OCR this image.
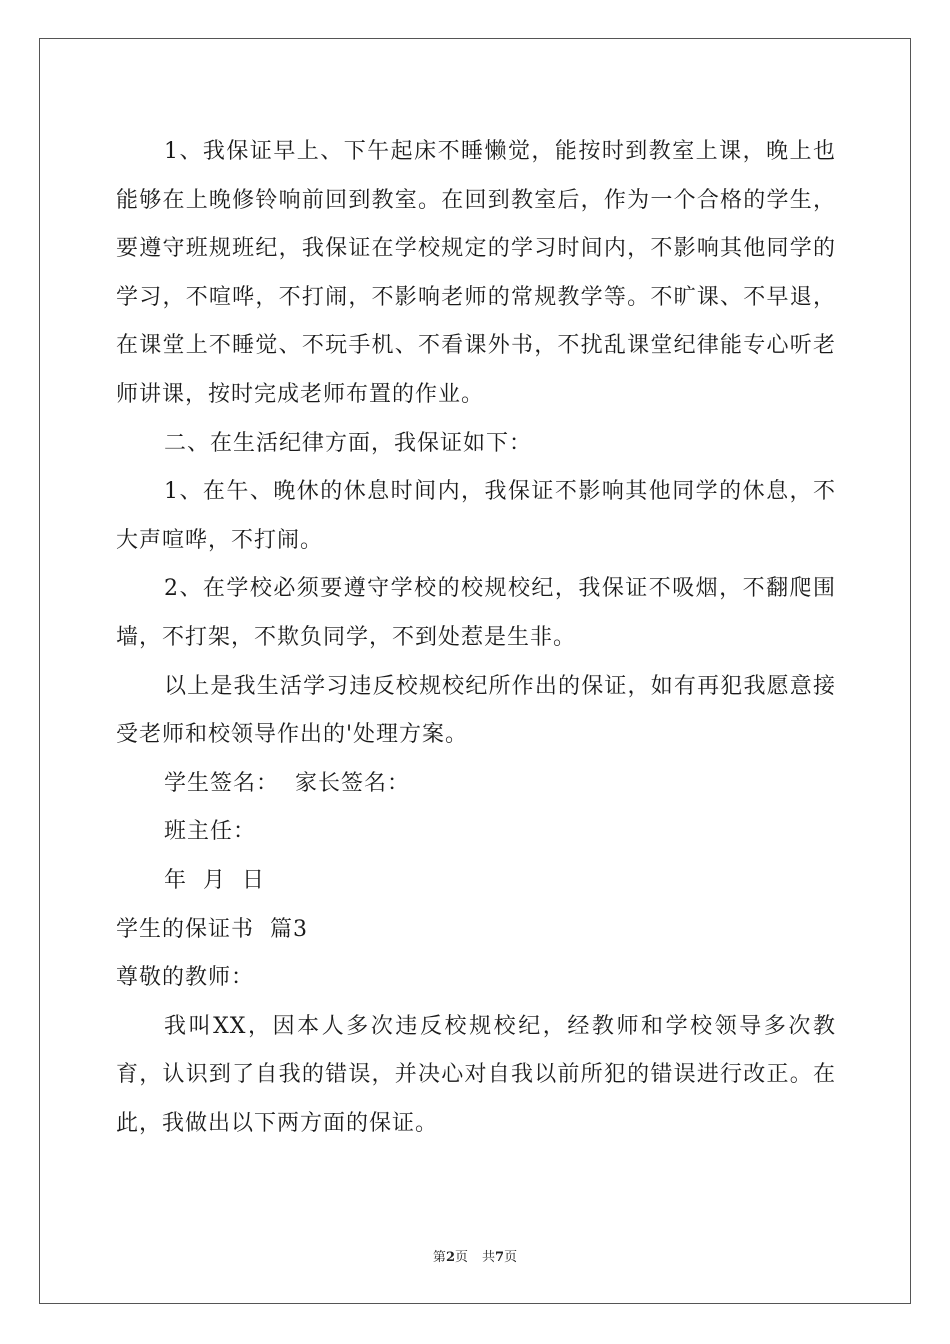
1、我保证早上、下午起床不睡懒觉，能按时到教室上课，晚上也能够在上晚修铃响前回到教室。在回到教室后，作为一个合格的学生，要遵守班规班纪，我保证在学校规定的学习时间内，不影响其他同学的学习，不喧哗，不打闹，不影响老师的常规教学等。不旷课、不早退，在课堂上不睡觉、不玩手机、不看课外书，不扰乱课堂纪律能专心听老师讲课，按时完成老师布置的作业。

二、在生活纪律方面，我保证如下：

1、在午、晚休的休息时间内，我保证不影响其他同学的休息，不大声喧哗，不打闹。

2、在学校必须要遵守学校的校规校纪，我保证不吸烟，不翻爬围墙，不打架，不欺负同学，不到处惹是生非。

以上是我生活学习违反校规校纪所作出的保证，如有再犯我愿意接受老师和校领导作出的'处理方案。

学生签名：  家长签名：

班主任：

年  月  日

学生的保证书  篇3

尊敬的教师：

我叫XX，因本人多次违反校规校纪，经教师和学校领导多次教育，认识到了自我的错误，并决心对自我以前所犯的错误进行改正。在此，我做出以下两方面的保证。

第2页 共7页
